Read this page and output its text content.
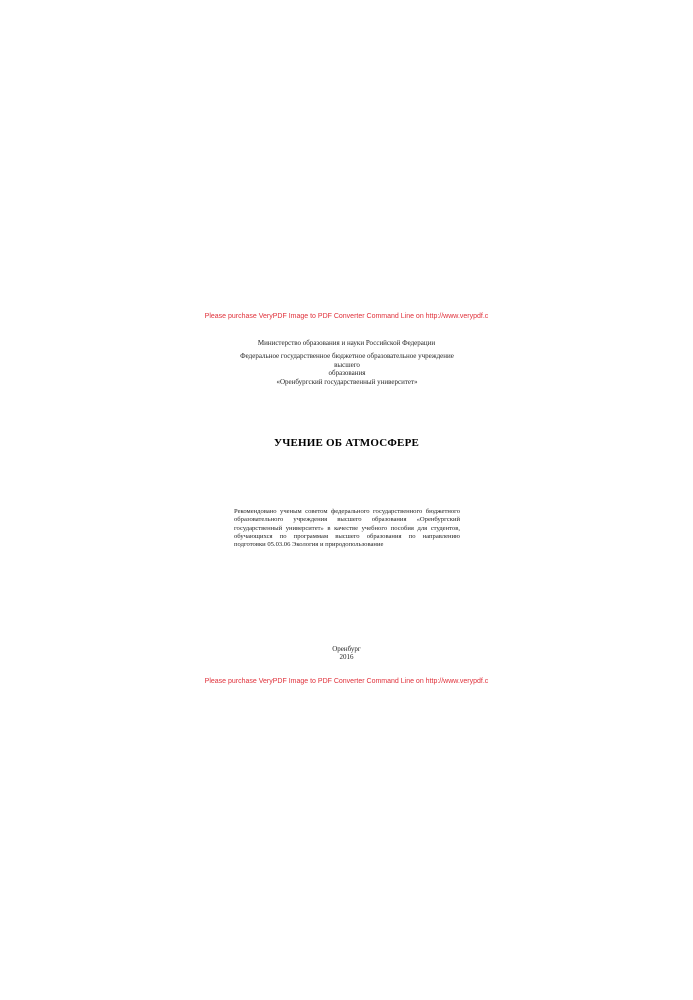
Please purchase VeryPDF Image to PDF Converter Command Line on http://www.verypdf.c
Министерство образования и науки Российской Федерации
Федеральное государственное бюджетное образовательное учреждение высшего
образования
«Оренбургский государственный университет»
УЧЕНИЕ ОБ АТМОСФЕРЕ
Рекомендовано ученым советом федерального государственного бюджетного образовательного учреждения высшего образования «Оренбургский государственный университет» в качестве учебного пособия для студентов, обучающихся по программам высшего образования по направлению подготовки 05.03.06 Экология и природопользование
Оренбург
2016
Please purchase VeryPDF Image to PDF Converter Command Line on http://www.verypdf.c
